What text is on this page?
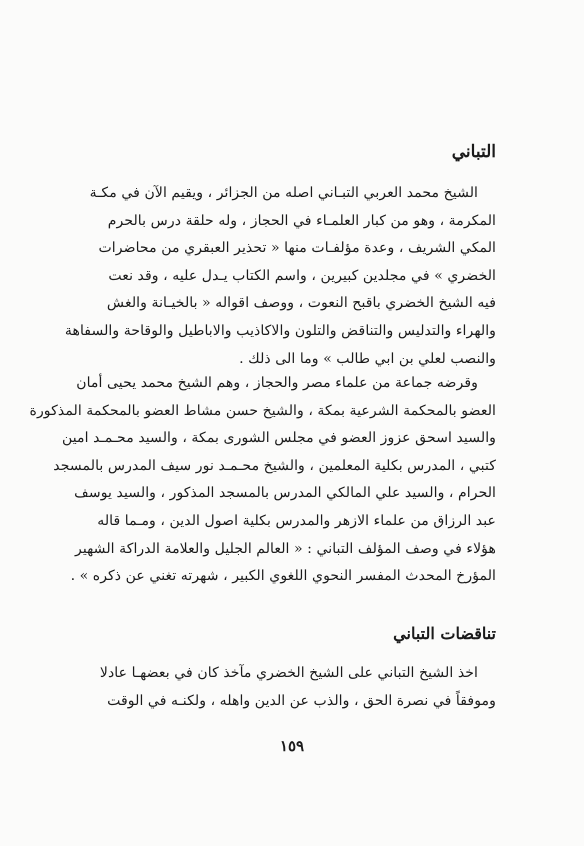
التباني

الشيخ محمد العربي التبـاني اصله من الجزائر ، ويقيم الآن في مكـة
المكرمة ، وهو من كبار العلمـاء في الحجاز ، وله حلقة درس بالحرم
المكي الشريف ، وعدة مؤلفـات منها « تحذير العبقري من محاضرات
الخضري » في مجلدين كبيرين ، واسم الكتاب يـدل عليه ، وقد نعت
فيه الشيخ الخضري باقبح النعوت ، ووصف اقواله « بالخيـانة والغش
والهراء والتدليس والتناقض والتلون والاكاذيب والاباطيل والوقاحة والسفاهة
والنصب لعلي بن ابي طالب » وما الى ذلك .

وقرضه جماعة من علماء مصر والحجاز ، وهم الشيخ محمد يحيى أمان
العضو بالمحكمة الشرعية بمكة ، والشيخ حسن مشاط العضو بالمحكمة المذكورة
والسيد اسحق عزوز العضو في مجلس الشورى بمكة ، والسيد محـمـد امين
كتبي ، المدرس بكلية المعلمين ، والشيخ محـمـد نور سيف المدرس بالمسجد
الحرام ، والسيد علي المالكي المدرس بالمسجد المذكور ، والسيد يوسف
عبد الرزاق من علماء الازهر والمدرس بكلية اصول الدين ، ومـما قاله
هؤلاء في وصف المؤلف التباني : « العالم الجليل والعلامة الدراكة الشهير
المؤرخ المحدث المفسر النحوي اللغوي الكبير ، شهرته تغني عن ذكره » .

تناقضات التباني

اخذ الشيخ التباني على الشيخ الخضري مآخذ كان في بعضهـا عادلا
وموفقاً في نصرة الحق ، والذب عن الدين واهله ، ولكنـه في الوقت

١٥٩
